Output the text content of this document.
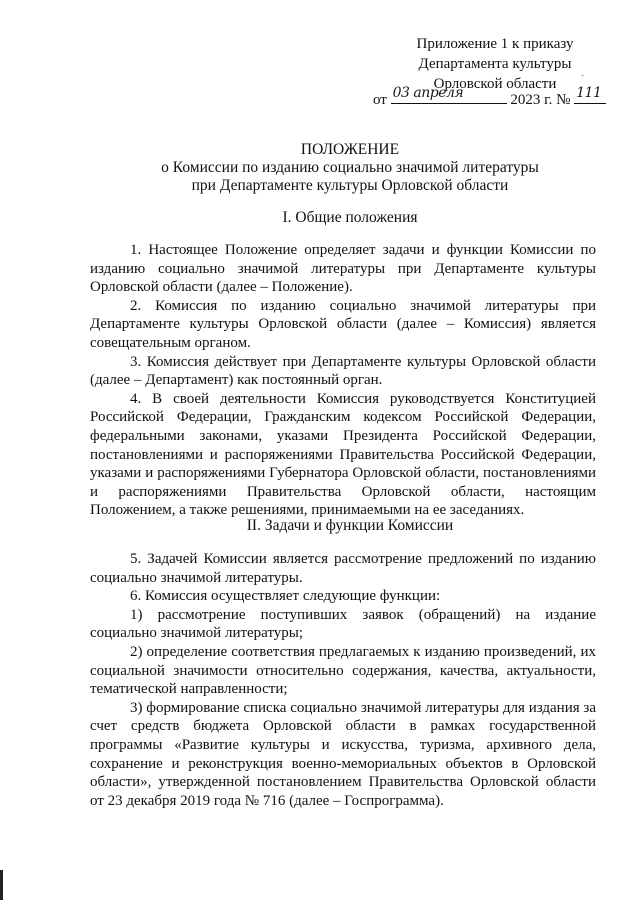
Приложение 1 к приказу
Департамента культуры
Орловской области
ˎ
от 03 апреля	2023 г. № 111
ПОЛОЖЕНИЕ
о Комиссии по изданию социально значимой литературы
при Департаменте культуры Орловской области
I. Общие положения

1. Настоящее Положение определяет задачи и функции Комиссии по изданию социально значимой литературы при Департаменте культуры Орловской области (далее – Положение).

2. Комиссия по изданию социально значимой литературы при Департаменте культуры Орловской области (далее – Комиссия) является совещательным органом.

3. Комиссия действует при Департаменте культуры Орловской области (далее – Департамент) как постоянный орган.

4. В своей деятельности Комиссия руководствуется Конституцией Российской Федерации, Гражданским кодексом Российской Федерации, федеральными законами, указами Президента Российской Федерации, постановлениями и распоряжениями Правительства Российской Федерации, указами и распоряжениями Губернатора Орловской области, постановлениями и распоряжениями Правительства Орловской области, настоящим Положением, а также решениями, принимаемыми на ее заседаниях.

II. Задачи и функции Комиссии

5. Задачей Комиссии является рассмотрение предложений по изданию социально значимой литературы.

6. Комиссия осуществляет следующие функции:

1) рассмотрение поступивших заявок (обращений) на издание социально значимой литературы;

2) определение соответствия предлагаемых к изданию произведений, их социальной значимости относительно содержания, качества, актуальности, тематической направленности;

3) формирование списка социально значимой литературы для издания за счет средств бюджета Орловской области в рамках государственной программы «Развитие культуры и искусства, туризма, архивного дела, сохранение и реконструкция военно-мемориальных объектов в Орловской области», утвержденной постановлением Правительства Орловской области от 23 декабря 2019 года № 716 (далее – Госпрограмма).
